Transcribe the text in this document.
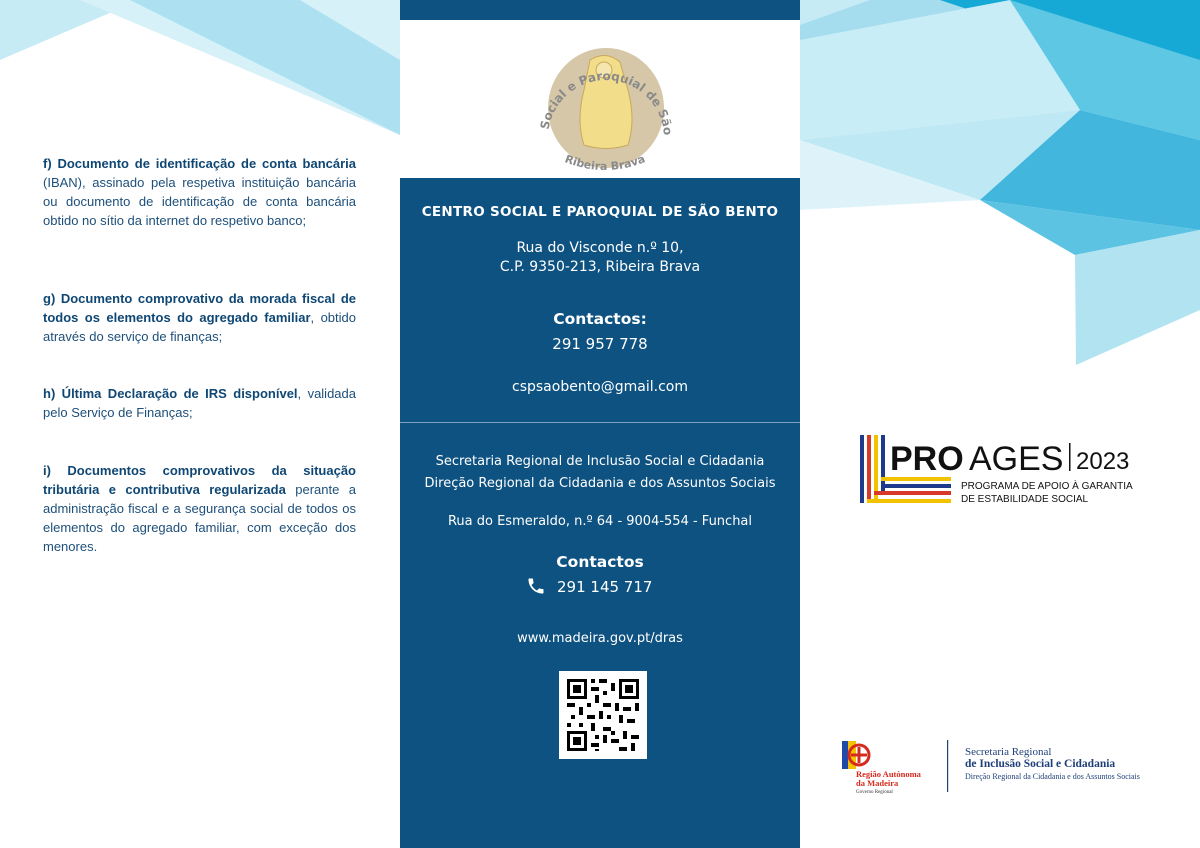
f) Documento de identificação de conta bancária (IBAN), assinado pela respetiva instituição bancária ou documento de identificação de conta bancária obtido no sítio da internet do respetivo banco;
g) Documento comprovativo da morada fiscal de todos os elementos do agregado familiar, obtido através do serviço de finanças;
h) Última Declaração de IRS disponível, validada pelo Serviço de Finanças;
i) Documentos comprovativos da situação tributária e contributiva regularizada perante a administração fiscal e a segurança social de todos os elementos do agregado familiar, com exceção dos menores.
Social e Paroquial de São
Ribeira Brava
CENTRO SOCIAL E PAROQUIAL DE SÃO BENTO
Rua do Visconde n.º 10,
C.P. 9350-213, Ribeira Brava
Contactos:
291 957 778
cspsaobento@gmail.com
Secretaria Regional de Inclusão Social e Cidadania
Direção Regional da Cidadania e dos Assuntos Sociais
Rua do Esmeraldo, n.º 64 - 9004-554 - Funchal
Contactos
291 145 717
www.madeira.gov.pt/dras
PRO AGES 2023
PROGRAMA DE APOIO À GARANTIA
DE ESTABILIDADE SOCIAL
Região Autónoma
da Madeira
Governo Regional
Secretaria Regional
de Inclusão Social e Cidadania
Direção Regional da Cidadania e dos Assuntos Sociais
